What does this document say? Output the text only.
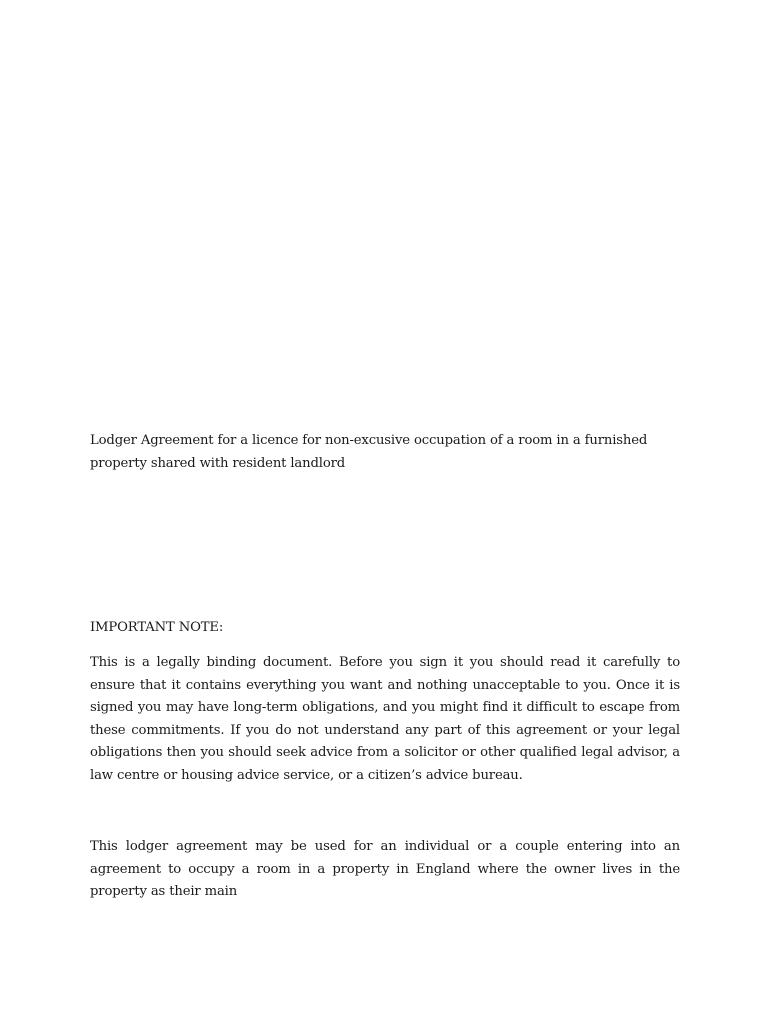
Lodger Agreement for a licence for non-excusive occupation of a room in a furnished property shared with resident landlord

IMPORTANT NOTE:

This is a legally binding document. Before you sign it you should read it carefully to ensure that it contains everything you want and nothing unacceptable to you. Once it is signed you may have long-term obligations, and you might find it difficult to escape from these commitments. If you do not understand any part of this agreement or your legal obligations then you should seek advice from a solicitor or other qualified legal advisor, a law centre or housing advice service, or a citizen’s advice bureau.

This lodger agreement may be used for an individual or a couple entering into an agreement to occupy a room in a property in England where the owner lives in the property as their main
